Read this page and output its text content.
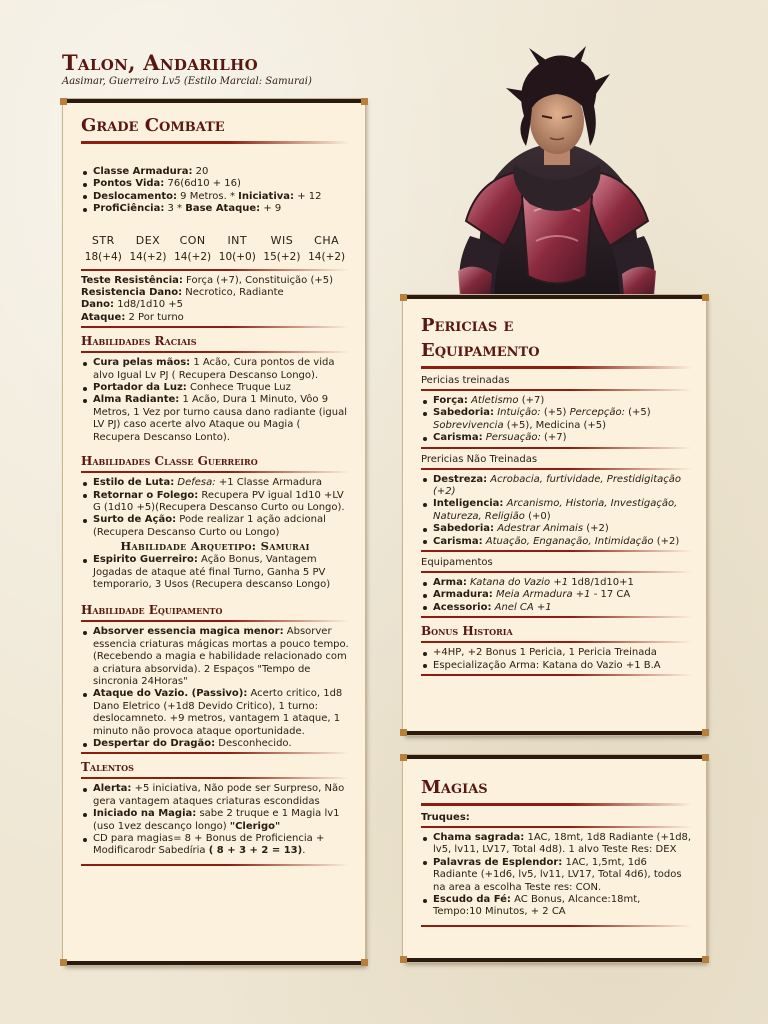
Talon, Andarilho
Aasimar, Guerreiro Lv5 (Estilo Marcial: Samurai)
Grade Combate
Classe Armadura: 20
Pontos Vida: 76(6d10 + 16)
Deslocamento: 9 Metros. * Iniciativa: + 12
ProfiCiência: 3 * Base Ataque: + 9
STR	DEX	CON	INT	WIS	CHA
18(+4)	14(+2)	14(+2)	10(+0)	15(+2)	14(+2)
Teste Resistência: Força (+7), Constituição (+5)
Resistencia Dano: Necrotico, Radiante
Dano: 1d8/1d10 +5
Ataque: 2 Por turno
Habilidades Raciais
Cura pelas mãos: 1 Acão, Cura pontos de vida alvo Igual Lv PJ ( Recupera Descanso Longo).
Portador da Luz: Conhece Truque Luz
Alma Radiante: 1 Acão, Dura 1 Minuto, Vôo 9 Metros, 1 Vez por turno causa dano radiante (igual LV PJ) caso acerte alvo Ataque ou Magia ( Recupera Descanso Lonto).
Habilidades Classe Guerreiro
Estilo de Luta: Defesa: +1 Classe Armadura
Retornar o Folego: Recupera PV igual 1d10 +LV G (1d10 +5)(Recupera Descanso Curto ou Longo).
Surto de Ação: Pode realizar 1 ação adcional (Recupera Descanso Curto ou Longo)
Habilidade Arquetipo: Samurai
Espirito Guerreiro: Ação Bonus, Vantagem Jogadas de ataque até final Turno, Ganha 5 PV temporario, 3 Usos (Recupera descanso Longo)
Habilidade Equipamento
Absorver essencia magica menor: Absorver essencia criaturas mágicas mortas a pouco tempo. (Recebendo a magia e habilidade relacionado com a criatura absorvida). 2 Espaços "Tempo de sincronia 24Horas"
Ataque do Vazio. (Passivo): Acerto critico, 1d8 Dano Eletrico (+1d8 Devido Critico), 1 turno: deslocamneto. +9 metros, vantagem 1 ataque, 1 minuto não provoca ataque oportunidade.
Despertar do Dragão: Desconhecido.
Talentos
Alerta: +5 iniciativa, Não pode ser Surpreso, Não gera vantagem ataques criaturas escondidas
Iniciado na Magia: sabe 2 truque e 1 Magia lv1 (uso 1vez descanço longo) "Clerigo"
CD para magias= 8 + Bonus de Proficiencia + Modificarodr Sabedíria ( 8 + 3 + 2 = 13).
Pericias e Equipamento
Pericias treinadas
Força: Atletismo (+7)
Sabedoria: Intuição: (+5) Percepção: (+5) Sobrevivencia (+5), Medicina (+5)
Carisma: Persuação: (+7)
Prericias Não Treinadas
Destreza: Acrobacia, furtividade, Prestidigitação (+2)
Inteligencia: Arcanismo, Historia, Investigação, Natureza, Religião (+0)
Sabedoria: Adestrar Animais (+2)
Carisma: Atuação, Enganação, Intimidação (+2)
Equipamentos
Arma: Katana do Vazio +1 1d8/1d10+1
Armadura: Meia Armadura +1 - 17 CA
Acessorio: Anel CA +1
Bonus Historia
+4HP, +2 Bonus 1 Pericia, 1 Pericia Treinada
Especialização Arma: Katana do Vazio +1 B.A
Magias
Truques:
Chama sagrada: 1AC, 18mt, 1d8 Radiante (+1d8, lv5, lv11, LV17, Total 4d8). 1 alvo Teste Res: DEX
Palavras de Esplendor: 1AC, 1,5mt, 1d6 Radiante (+1d6, lv5, lv11, LV17, Total 4d6), todos na area a escolha Teste res: CON.
Escudo da Fé: AC Bonus, Alcance:18mt, Tempo:10 Minutos, + 2 CA
